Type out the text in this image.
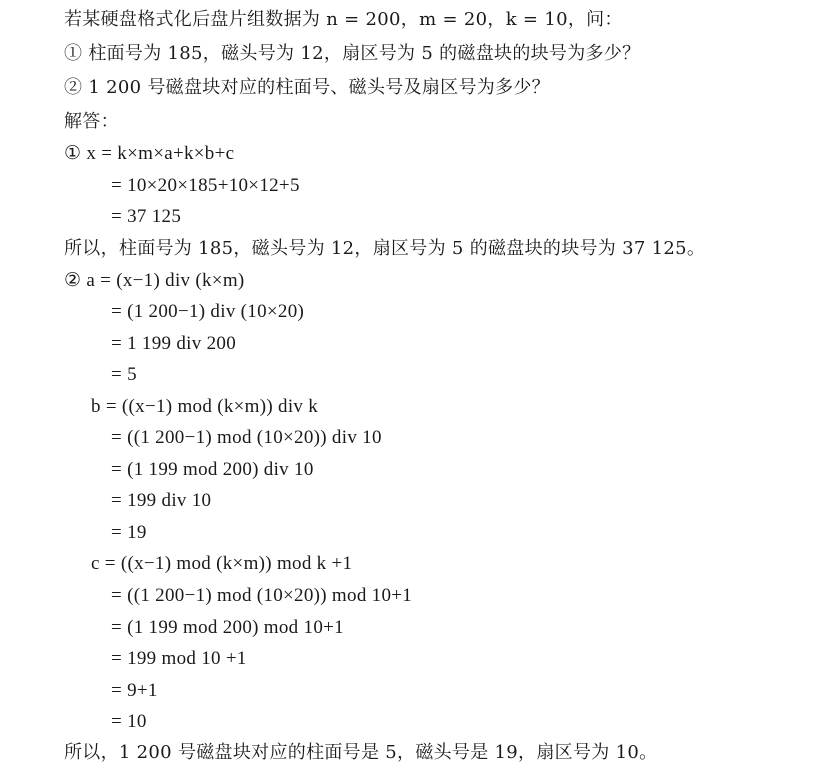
若某硬盘格式化后盘片组数据为 n = 200，m = 20，k = 10，问：
① 柱面号为 185，磁头号为 12，扇区号为 5 的磁盘块的块号为多少？
② 1 200 号磁盘块对应的柱面号、磁头号及扇区号为多少？
解答：
① x = k×m×a+k×b+c
= 10×20×185+10×12+5
= 37 125
所以，柱面号为 185，磁头号为 12，扇区号为 5 的磁盘块的块号为 37 125。
② a = (x−1) div (k×m)
= (1 200−1) div (10×20)
= 1 199 div 200
= 5
b = ((x−1) mod (k×m)) div k
= ((1 200−1) mod (10×20)) div 10
= (1 199 mod 200) div 10
= 199 div 10
= 19
c = ((x−1) mod (k×m)) mod k +1
= ((1 200−1) mod (10×20)) mod 10+1
= (1 199 mod 200) mod 10+1
= 199 mod 10 +1
= 9+1
= 10
所以，1 200 号磁盘块对应的柱面号是 5，磁头号是 19，扇区号为 10。
